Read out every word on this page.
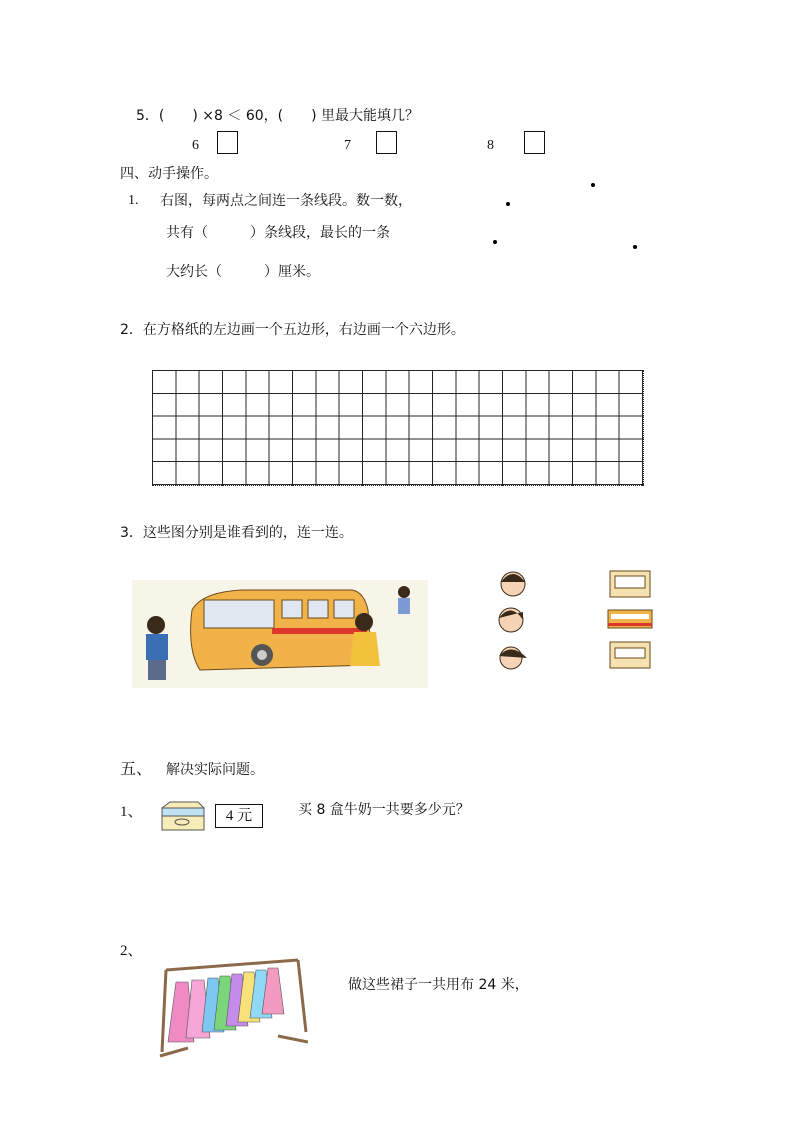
5．(　　) ×8 ＜ 60，(　　) 里最大能填几？
6	7	8
四、动手操作。
1. 右图，每两点之间连一条线段。数一数，
共有（　　　）条线段，最长的一条
大约长（　　　）厘米。
2．在方格纸的左边画一个五边形，右边画一个六边形。
3．这些图分别是谁看到的，连一连。
五、 解决实际问题。
1、	4 元	买 8 盒牛奶一共要多少元？
2、
做这些裙子一共用布 24 米，
